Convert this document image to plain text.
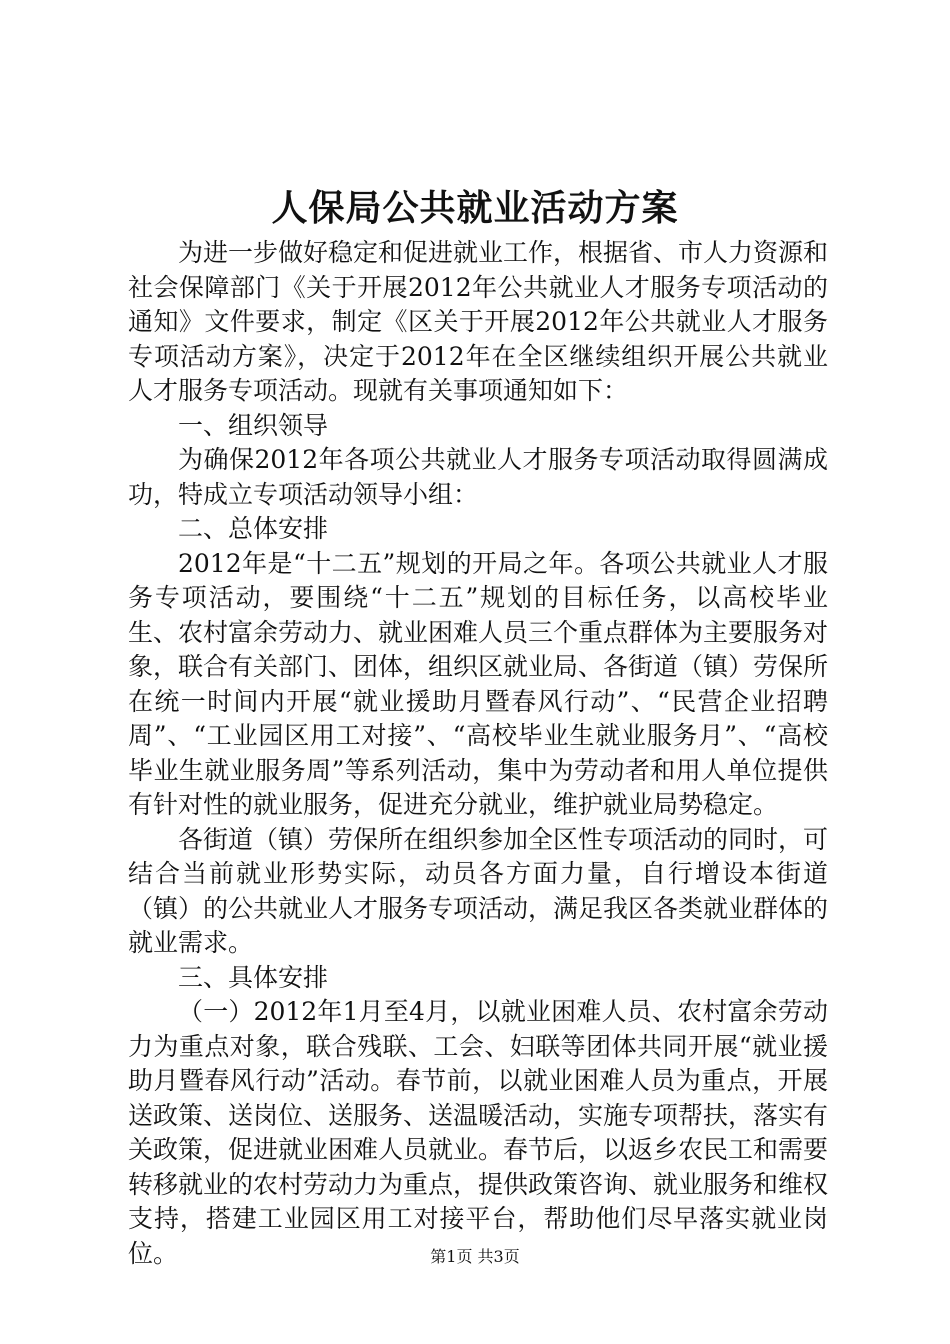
人保局公共就业活动方案

为进一步做好稳定和促进就业工作，根据省、市人力资源和社会保障部门《关于开展2012年公共就业人才服务专项活动的通知》文件要求，制定《区关于开展2012年公共就业人才服务专项活动方案》，决定于2012年在全区继续组织开展公共就业人才服务专项活动。现就有关事项通知如下：

一、组织领导

为确保2012年各项公共就业人才服务专项活动取得圆满成功，特成立专项活动领导小组：

二、总体安排

2012年是“十二五”规划的开局之年。各项公共就业人才服务专项活动，要围绕“十二五”规划的目标任务，以高校毕业生、农村富余劳动力、就业困难人员三个重点群体为主要服务对象，联合有关部门、团体，组织区就业局、各街道（镇）劳保所在统一时间内开展“就业援助月暨春风行动”、“民营企业招聘周”、“工业园区用工对接”、“高校毕业生就业服务月”、“高校毕业生就业服务周”等系列活动，集中为劳动者和用人单位提供有针对性的就业服务，促进充分就业，维护就业局势稳定。

各街道（镇）劳保所在组织参加全区性专项活动的同时，可结合当前就业形势实际，动员各方面力量，自行增设本街道（镇）的公共就业人才服务专项活动，满足我区各类就业群体的就业需求。

三、具体安排

（一）2012年1月至4月，以就业困难人员、农村富余劳动力为重点对象，联合残联、工会、妇联等团体共同开展“就业援助月暨春风行动”活动。春节前，以就业困难人员为重点，开展送政策、送岗位、送服务、送温暖活动，实施专项帮扶，落实有关政策，促进就业困难人员就业。春节后，以返乡农民工和需要转移就业的农村劳动力为重点，提供政策咨询、就业服务和维权支持，搭建工业园区用工对接平台，帮助他们尽早落实就业岗位。	第1页 共3页
